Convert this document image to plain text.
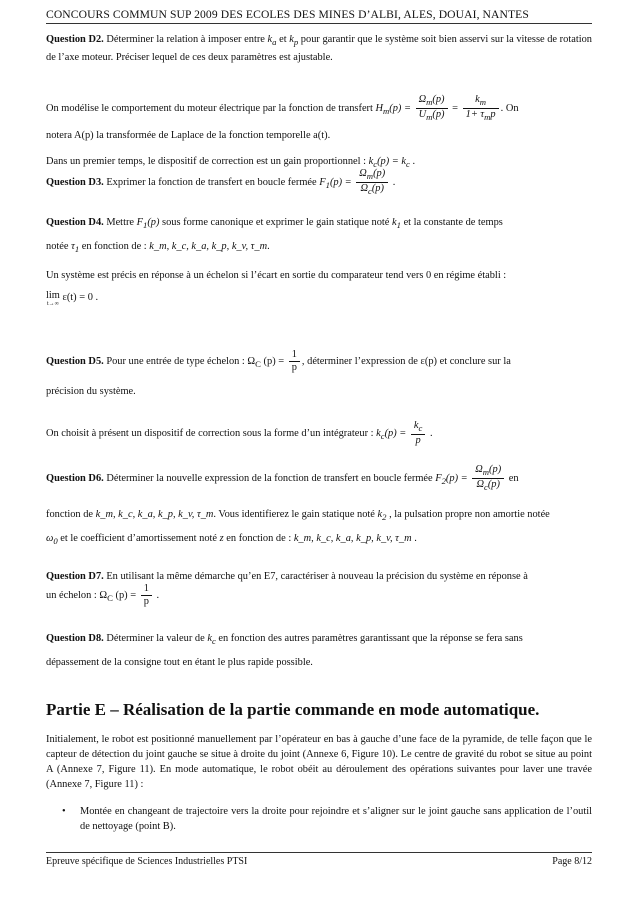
CONCOURS COMMUN SUP 2009 DES ECOLES DES MINES D’ALBI, ALES, DOUAI, NANTES
Question D2. Déterminer la relation à imposer entre $k_a$ et $k_p$ pour garantir que le système soit bien asservi sur la vitesse de rotation de l’axe moteur. Préciser lequel de ces deux paramètres est ajustable.
On modélise le comportement du moteur électrique par la fonction de transfert $H_m(p) = \frac{\Omega_m(p)}{U_m(p)} = \frac{k_m}{1+ \tau_mp}$ . On
notera A(p) la transformée de Laplace de la fonction temporelle a(t).
Dans un premier temps, le dispositif de correction est un gain proportionnel : $k_c(p) = k_c$ .
Question D3. Exprimer la fonction de transfert en boucle fermée $F_1(p) = \frac{\Omega_m(p)}{\Omega_c(p)}$ .
Question D4. Mettre $F_1(p)$ sous forme canonique et exprimer le gain statique noté $k_1$ et la constante de temps
notée $\tau_1$ en fonction de : k_m, k_c, k_a, k_p, k_v, τ_m.
Un système est précis en réponse à un échelon si l’écart en sortie du comparateur tend vers 0 en régime établi :
lim
t→∞
ε(t) = 0 .
Question D5. Pour une entrée de type échelon : $\Omega_C$ $(p) = \frac{1}{p}$ , déterminer l’expression de ε(p) et conclure sur la
précision du système.
On choisit à présent un dispositif de correction sous la forme d’un intégrateur : $k_c(p) = \frac{k_c}{p}$ .
Question D6. Déterminer la nouvelle expression de la fonction de transfert en boucle fermée $F_2(p) = \frac{\Omega_m(p)}{\Omega_c(p)}$ en
fonction de k_m, k_c, k_a, k_p, k_v, τ_m. Vous identifierez le gain statique noté $k_2$ , la pulsation propre non amortie notée
$\omega_0$ et le coefficient d’amortissement noté z en fonction de : k_m, k_c, k_a, k_p, k_v, τ_m .
Question D7. En utilisant la même démarche qu’en E7, caractériser à nouveau la précision du système en réponse à
un échelon : $\Omega_C$ $(p) = \frac{1}{p}$ .
Question D8. Déterminer la valeur de $k_c$ en fonction des autres paramètres garantissant que la réponse se fera sans
dépassement de la consigne tout en étant le plus rapide possible.
Partie E – Réalisation de la partie commande en mode automatique.
Initialement, le robot est positionné manuellement par l’opérateur en bas à gauche d’une face de la pyramide, de telle façon que le capteur de détection du joint gauche se situe à droite du joint (Annexe 6, Figure 10). Le centre de gravité du robot se situe au point A (Annexe 7, Figure 11). En mode automatique, le robot obéit au déroulement des opérations suivantes pour laver une travée (Annexe 7, Figure 11) :
• Montée en changeant de trajectoire vers la droite pour rejoindre et s’aligner sur le joint gauche sans application de l’outil de nettoyage (point B).
Epreuve spécifique de Sciences Industrielles PTSI	Page 8/12
